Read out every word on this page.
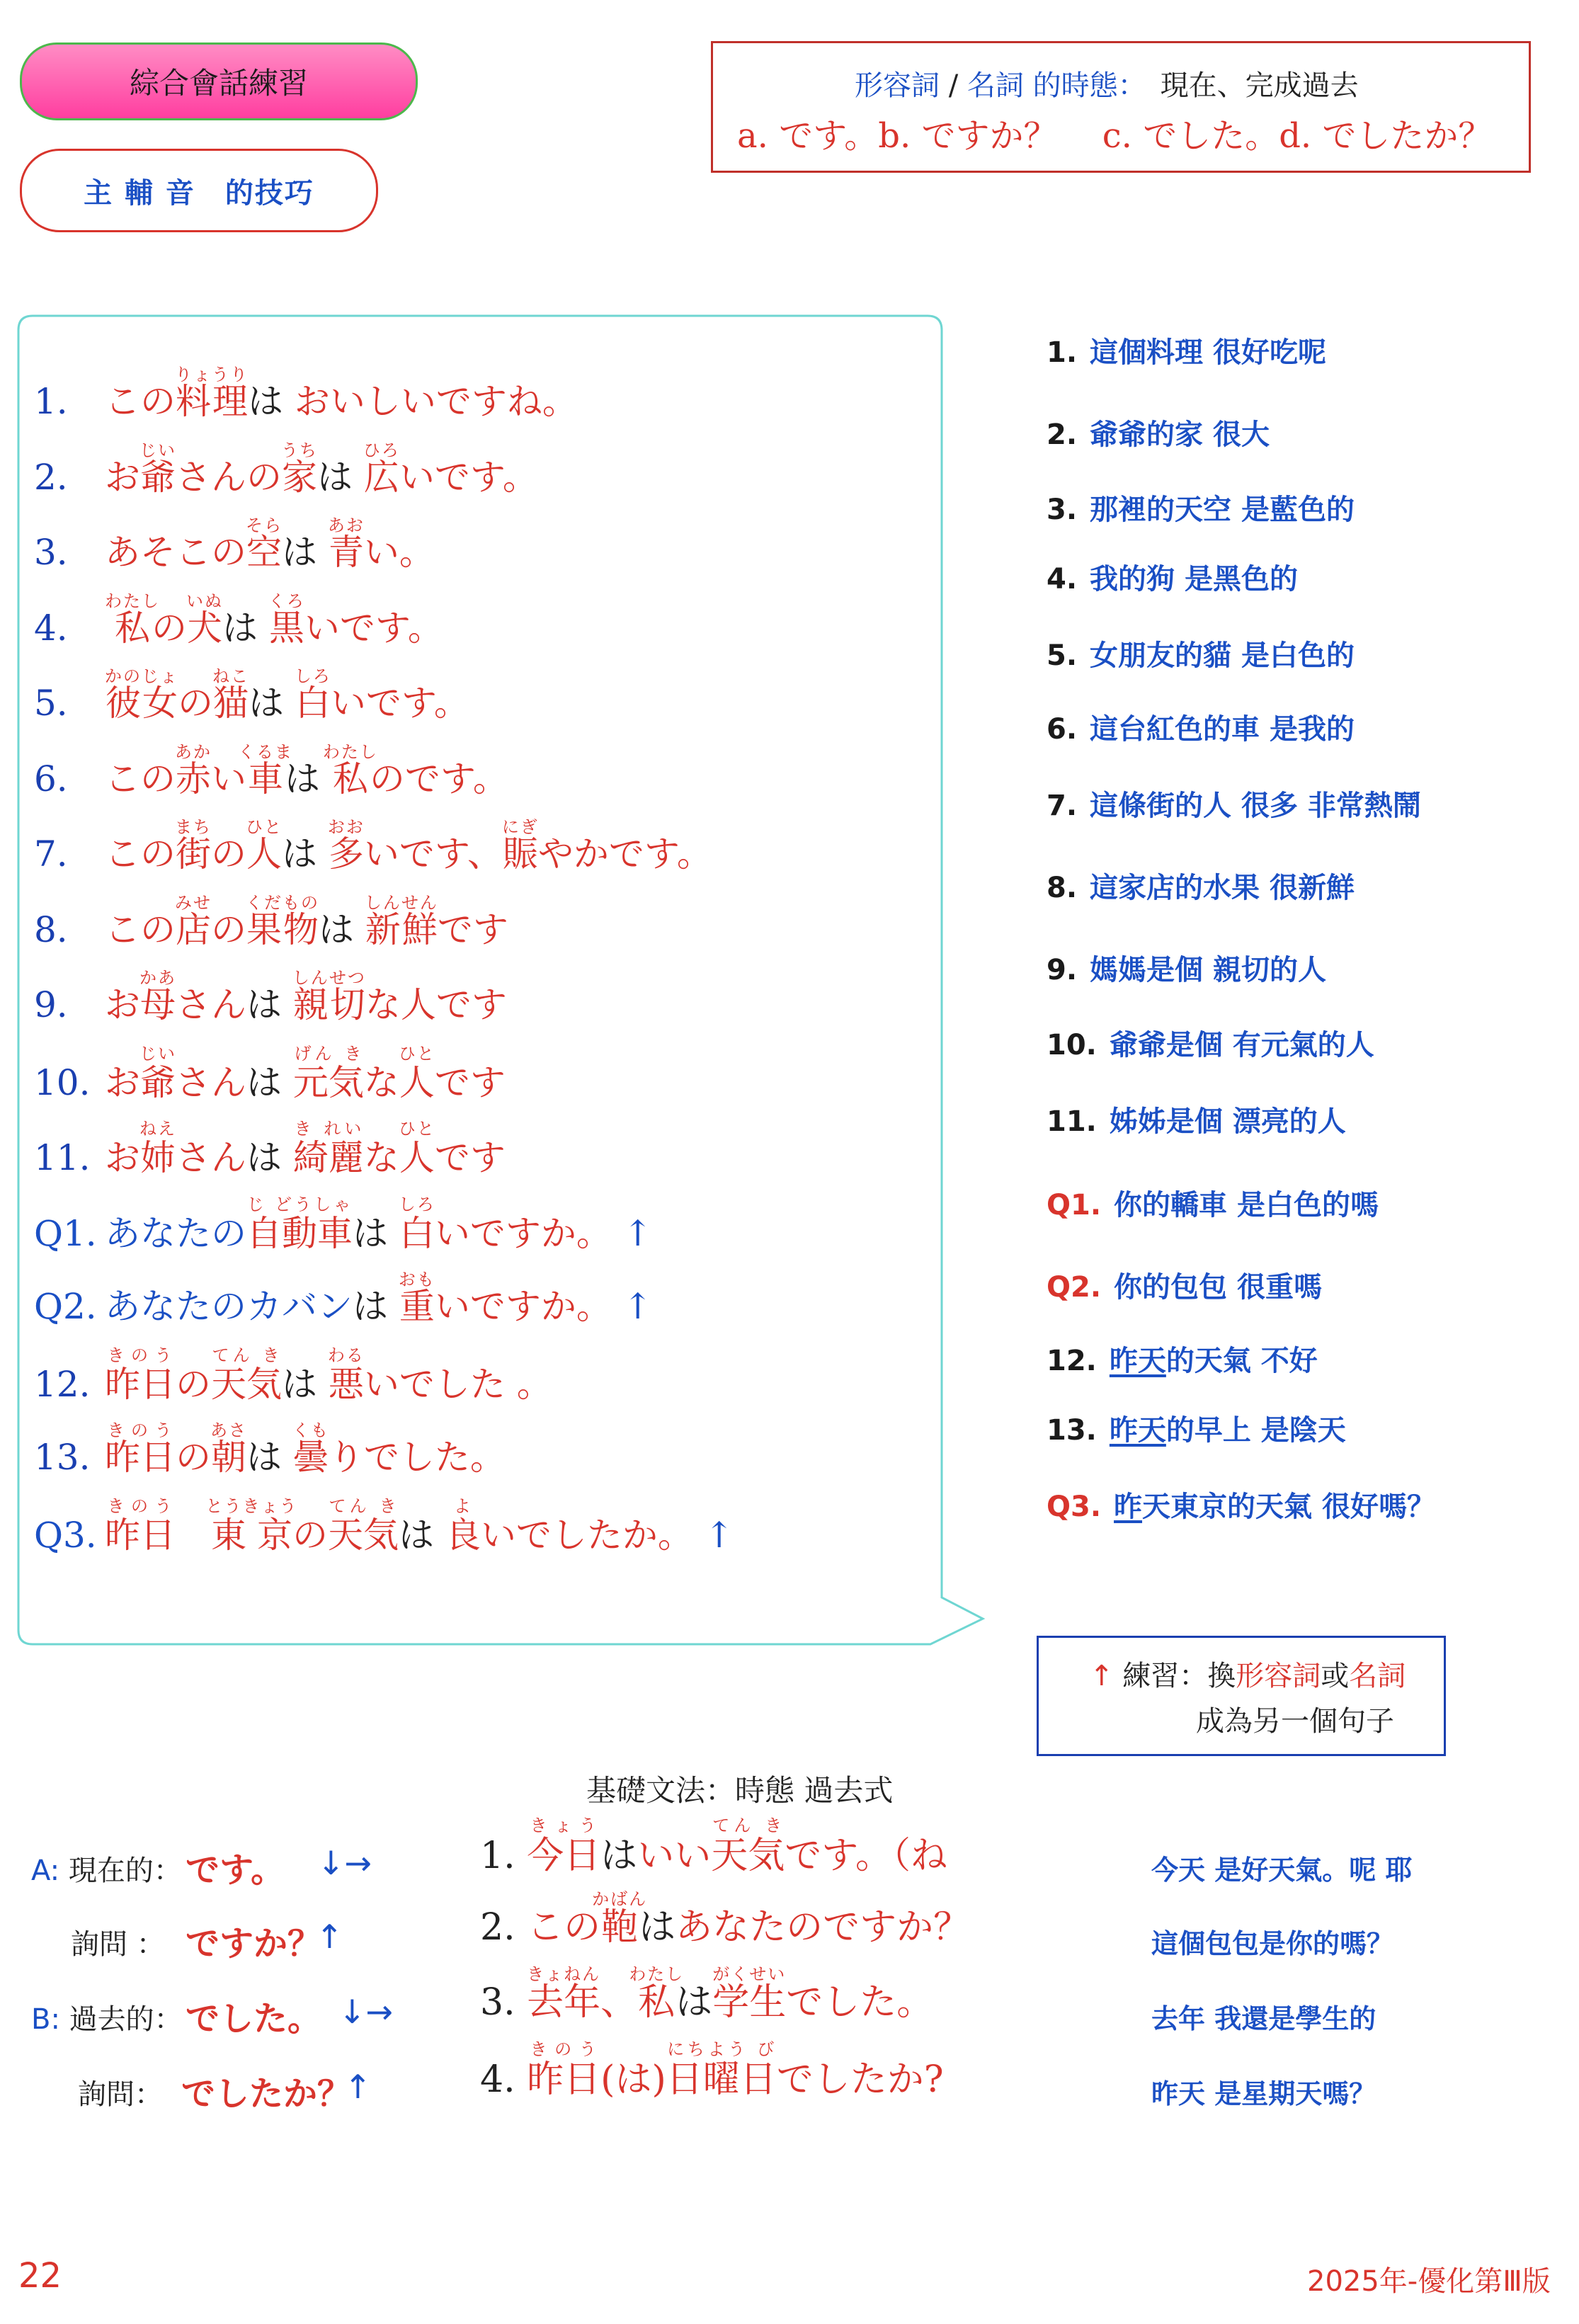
綜合會話練習
主 輔 音　的技巧
形容詞 / 名詞 的時態：　 現在、完成過去
a. です。b. ですか？　 c. でした。d. でしたか？
1. この料理りょうりは おいしいですね。
2. お爺じいさんの家うちは 広ひろいです。
3. あそこの空そらは 青あおい。
4. 私わたしの犬いぬは 黒くろいです。
5. 彼女かのじょの猫ねこは 白しろいです。
6. この赤あかい車くるまは 私わたしのです。
7. この街まちの人ひとは 多おおいです、賑にぎやかです。
8. この店みせの果物くだものは 新鮮しんせんです
9. お母かあさんは 親切しんせつな人です
10. お爺じいさんは 元気げん きな人ひとです
11. お姉ねえさんは 綺麗き れいな人ひとです
Q1. あなたの自動車じ どうしゃは 白しろいですか。 ↑
Q2. あなたのカバンは 重おもいですか。 ↑
12. 昨日きのうの天気てん きは 悪わるいでした 。
13. 昨日きのうの朝あさは 曇くもりでした。
Q3. 昨日きのう　東京とうきょうの天気てん きは 良よいでしたか。 ↑
1. 這個料理 很好吃呢
2. 爺爺的家 很大
3. 那裡的天空 是藍色的
4. 我的狗 是黑色的
5. 女朋友的貓 是白色的
6. 這台紅色的車 是我的
7. 這條街的人 很多 非常熱鬧
8. 這家店的水果 很新鮮
9. 媽媽是個 親切的人
10. 爺爺是個 有元氣的人
11. 姊姊是個 漂亮的人
Q1. 你的轎車 是白色的嗎
Q2. 你的包包 很重嗎
12. 昨天的天氣 不好
13. 昨天的早上 是陰天
Q3. 昨天東京的天氣 很好嗎？
↑ 練習：換形容詞或名詞
成為另一個句子
基礎文法：時態 過去式
A: 現在的： です。 ↓→	1. 今日きょうはいい天気てん きです。（ね	今天 是好天氣。呢 耶
詢問 ： ですか？
↑	2. この鞄かばんはあなたのですか？	這個包包是你的嗎？
B: 過去的： でした。 ↓→ 3. 去年きょねん、私わたしは学生がくせいでした。	去年 我還是學生的
詢問： でしたか？
↑	4. 昨日きのう(は)日曜日にちよう びでしたか?	昨天 是星期天嗎？
22	2025年-優化第Ⅲ版
